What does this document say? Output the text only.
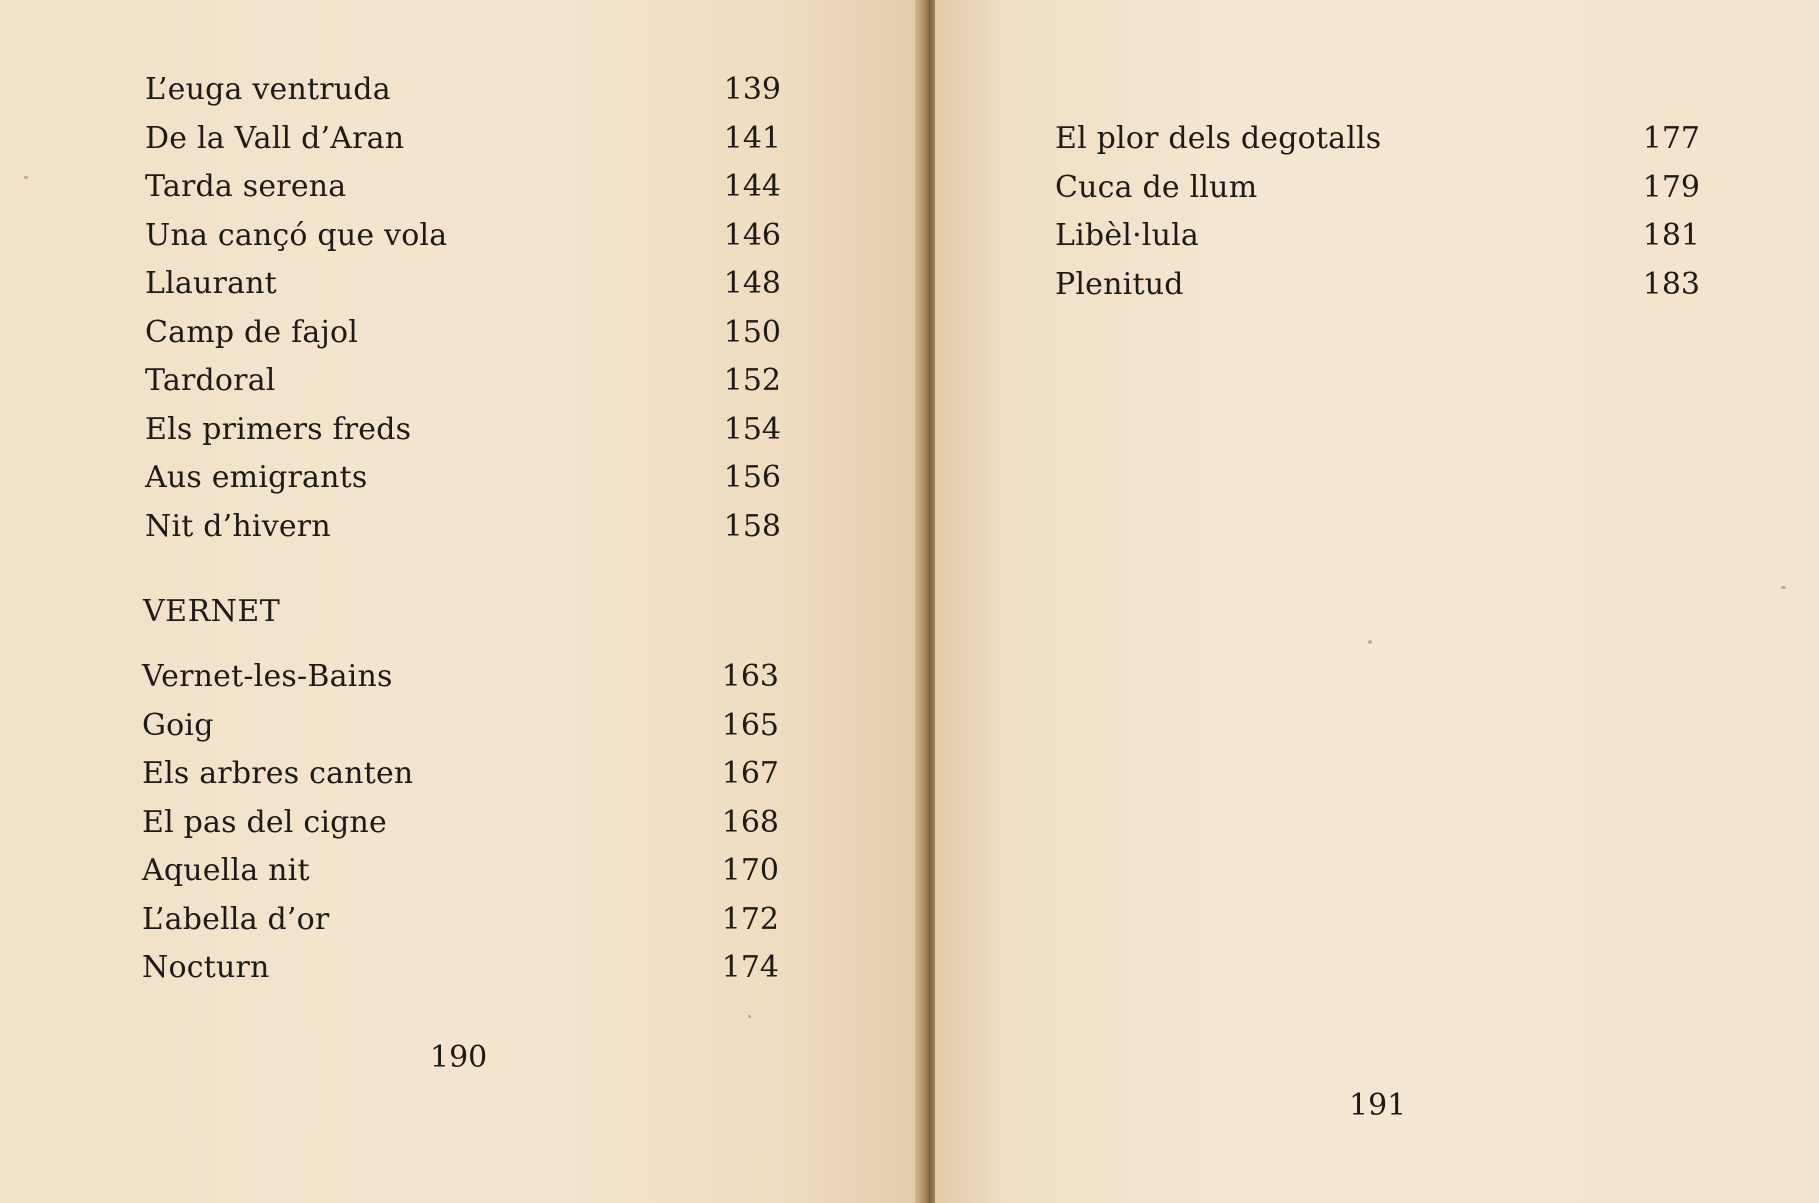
L’euga ventruda	139
De la Vall d’Aran	141
Tarda serena	144
Una cançó que vola	146
Llaurant	148
Camp de fajol	150
Tardoral	152
Els primers freds	154
Aus emigrants	156
Nit d’hivern	158
VERNET
Vernet-les-Bains	163
Goig	165
Els arbres canten	167
El pas del cigne	168
Aquella nit	170
L’abella d’or	172
Nocturn	174
190
El plor dels degotalls	177
Cuca de llum	179
Libèl·lula	181
Plenitud	183
191
